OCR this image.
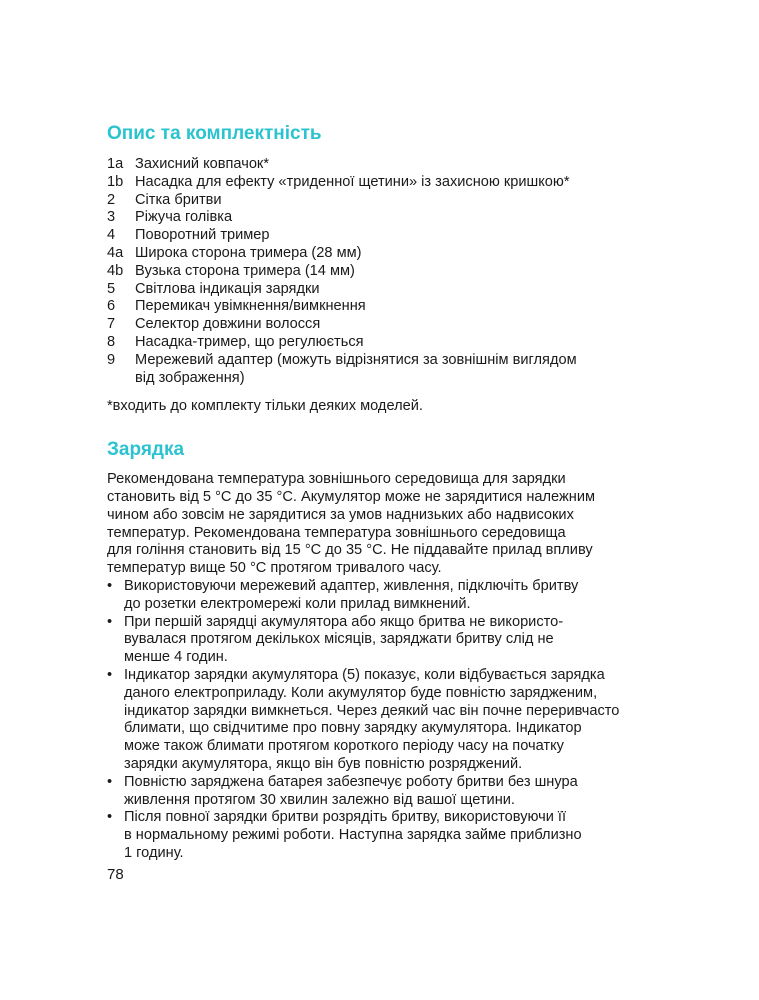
Опис та комплектність
1a Захисний ковпачок*
1b Насадка для ефекту «триденної щетини» із захисною кришкою*
2	Сітка бритви
3	Ріжуча голівка
4	Поворотний тример
4a Широка сторона тримера (28 мм)
4b Вузька сторона тримера (14 мм)
5	Світлова індикація зарядки
6	Перемикач увімкнення/вимкнення
7	Селектор довжини волосся
8	Насадка-тример, що регулюється
9	Мережевий адаптер (можуть відрізнятися за зовнішнім виглядом
від зображення)
*входить до комплекту тільки деяких моделей.
Зарядка
Рекомендована температура зовнішнього середовища для зарядки
становить від 5 °C до 35 °C. Акумулятор може не зарядитися належним
чином або зовсім не зарядитися за умов наднизьких або надвисоких
температур. Рекомендована температура зовнішнього середовища
для гоління становить від 15 °C до 35 °C. Не піддавайте прилад впливу
температур вище 50 °C протягом тривалого часу.
• Використовуючи мережевий адаптер, живлення, підключіть бритву
до розетки електромережі коли прилад вимкнений.
• При першій зарядці акумулятора або якщо бритва не використо-
вувалася протягом декількох місяців, заряджати бритву слід не
менше 4 годин.
• Індикатор зарядки акумулятора (5) показує, коли відбувається зарядка
даного електроприладу. Коли акумулятор буде повністю зарядженим,
індикатор зарядки вимкнеться. Через деякий час він почне переривчасто
блимати, що свідчитиме про повну зарядку акумулятора. Індикатор
може також блимати протягом короткого періоду часу на початку
зарядки акумулятора, якщо він був повністю розряджений.
• Повністю заряджена батарея забезпечує роботу бритви без шнура
живлення протягом 30 хвилин залежно від вашої щетини.
• Після повної зарядки бритви розрядіть бритву, використовуючи її
в нормальному режимі роботи. Наступна зарядка займе приблизно
1 годину.
78
